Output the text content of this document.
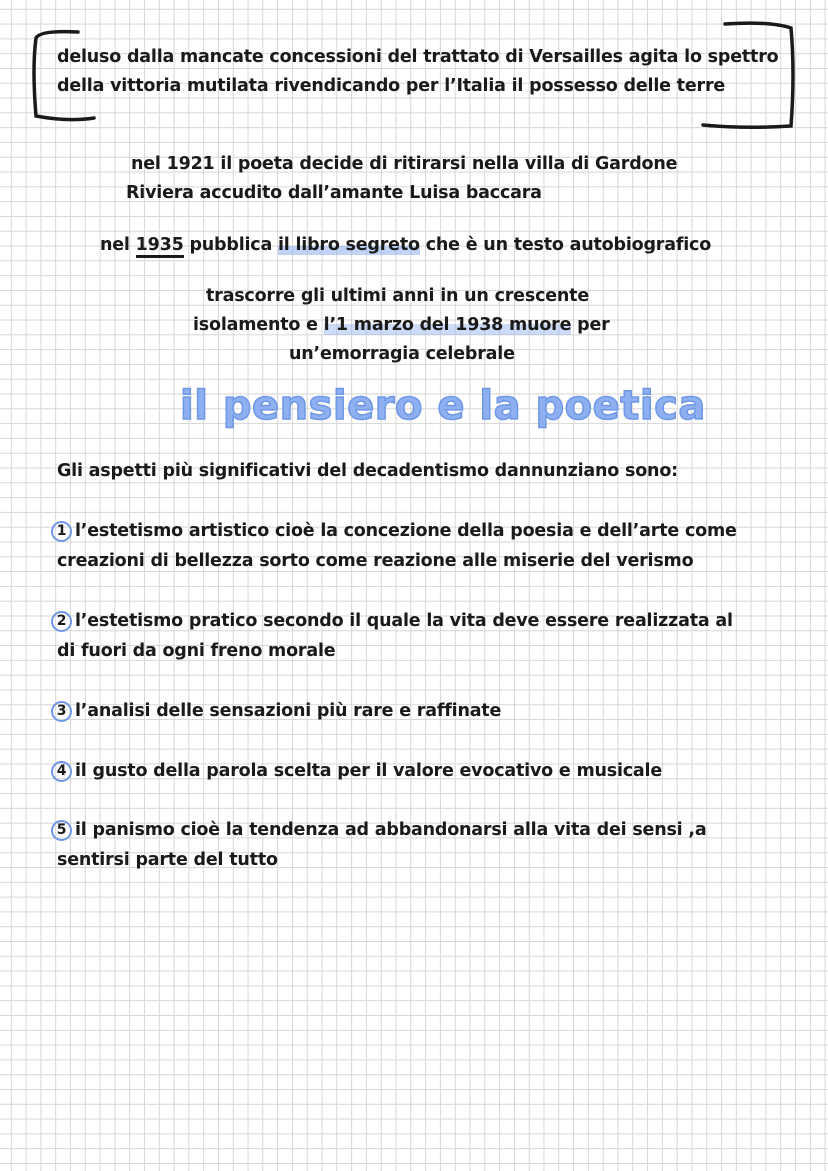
deluso dalla mancate concessioni del trattato di Versailles agita lo spettro
della vittoria mutilata rivendicando per l’Italia il possesso delle terre
nel 1921 il poeta decide di ritirarsi nella villa di Gardone
Riviera accudito dall’amante Luisa baccara
nel 1935 pubblica il libro segreto che è un testo autobiografico
trascorre gli ultimi anni in un crescente
isolamento e l’1 marzo del 1938 muore per
un’emorragia celebrale
il pensiero e la poetica
Gli aspetti più significativi del decadentismo dannunziano sono:
1 l’estetismo artistico cioè la concezione della poesia e dell’arte come
creazioni di bellezza sorto come reazione alle miserie del verismo
2 l’estetismo pratico secondo il quale la vita deve essere realizzata al
di fuori da ogni freno morale
3 l’analisi delle sensazioni più rare e raffinate
4 il gusto della parola scelta per il valore evocativo e musicale
5 il panismo cioè la tendenza ad abbandonarsi alla vita dei sensi ,a
sentirsi parte del tutto
